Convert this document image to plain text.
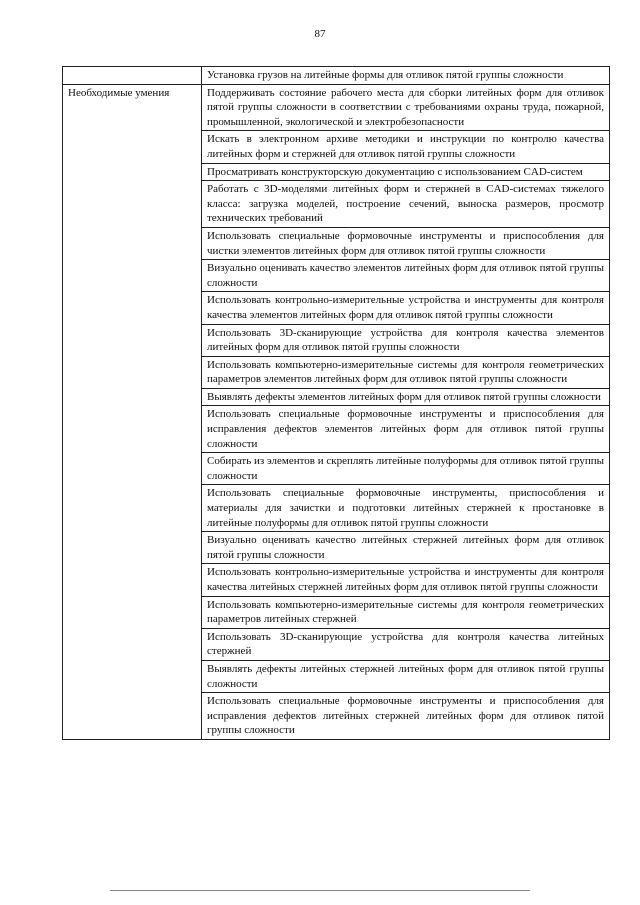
87
	Установка грузов на литейные формы для отливок пятой группы сложности
Необходимые умения	Поддерживать состояние рабочего места для сборки литейных форм для отливок пятой группы сложности в соответствии с требованиями охраны труда, пожарной, промышленной, экологической и электробезопасности
	Искать в электронном архиве методики и инструкции по контролю качества литейных форм и стержней для отливок пятой группы сложности
	Просматривать конструкторскую документацию с использованием CAD-систем
	Работать с 3D-моделями литейных форм и стержней в CAD-системах тяжелого класса: загрузка моделей, построение сечений, выноска размеров, просмотр технических требований
	Использовать специальные формовочные инструменты и приспособления для чистки элементов литейных форм для отливок пятой группы сложности
	Визуально оценивать качество элементов литейных форм для отливок пятой группы сложности
	Использовать контрольно-измерительные устройства и инструменты для контроля качества элементов литейных форм для отливок пятой группы сложности
	Использовать 3D-сканирующие устройства для контроля качества элементов литейных форм для отливок пятой группы сложности
	Использовать компьютерно-измерительные системы для контроля геометрических параметров элементов литейных форм для отливок пятой группы сложности
	Выявлять дефекты элементов литейных форм для отливок пятой группы сложности
	Использовать специальные формовочные инструменты и приспособления для исправления дефектов элементов литейных форм для отливок пятой группы сложности
	Собирать из элементов и скреплять литейные полуформы для отливок пятой группы сложности
	Использовать специальные формовочные инструменты, приспособления и материалы для зачистки и подготовки литейных стержней к простановке в литейные полуформы для отливок пятой группы сложности
	Визуально оценивать качество литейных стержней литейных форм для отливок пятой группы сложности
	Использовать контрольно-измерительные устройства и инструменты для контроля качества литейных стержней литейных форм для отливок пятой группы сложности
	Использовать компьютерно-измерительные системы для контроля геометрических параметров литейных стержней
	Использовать 3D-сканирующие устройства для контроля качества литейных стержней
	Выявлять дефекты литейных стержней литейных форм для отливок пятой группы сложности
	Использовать специальные формовочные инструменты и приспособления для исправления дефектов литейных стержней литейных форм для отливок пятой группы сложности
